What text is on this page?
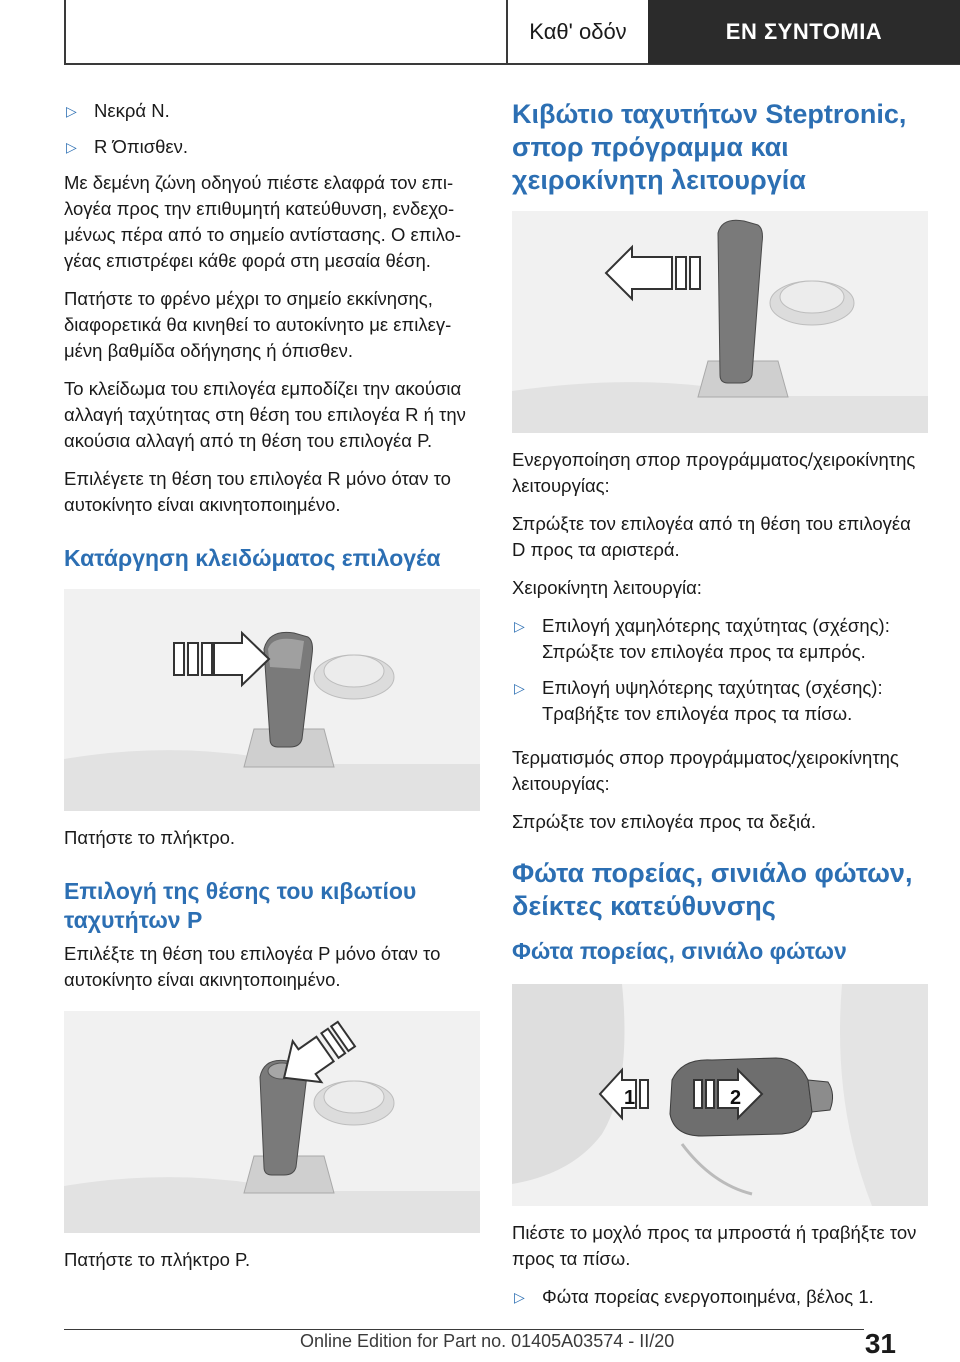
Καθ' οδόν	ΕΝ ΣΥΝΤΟΜΙΑ
▷ Νεκρά N.
▷ R Όπισθεν.

Με δεμένη ζώνη οδηγού πιέστε ελαφρά τον επι-λογέα προς την επιθυμητή κατεύθυνση, ενδεχο-μένως πέρα από το σημείο αντίστασης. Ο επιλο-γέας επιστρέφει κάθε φορά στη μεσαία θέση.

Πατήστε το φρένο μέχρι το σημείο εκκίνησης, διαφορετικά θα κινηθεί το αυτοκίνητο με επιλεγ-μένη βαθμίδα οδήγησης ή όπισθεν.

Το κλείδωμα του επιλογέα εμποδίζει την ακούσια αλλαγή ταχύτητας στη θέση του επιλογέα R ή την ακούσια αλλαγή από τη θέση του επιλογέα P.

Επιλέγετε τη θέση του επιλογέα R μόνο όταν το αυτοκίνητο είναι ακινητοποιημένο.

Κατάργηση κλειδώματος επιλογέα

Πατήστε το πλήκτρο.

Επιλογή της θέσης του κιβωτίου ταχυτήτων P

Επιλέξτε τη θέση του επιλογέα P μόνο όταν το αυτοκίνητο είναι ακινητοποιημένο.

Πατήστε το πλήκτρο P.

Κιβώτιο ταχυτήτων Steptronic, σπορ πρόγραμμα και χειροκίνητη λειτουργία

Ενεργοποίηση σπορ προγράμματος/χειροκίνητης λειτουργίας:

Σπρώξτε τον επιλογέα από τη θέση του επιλογέα D προς τα αριστερά.

Χειροκίνητη λειτουργία:

▷ Επιλογή χαμηλότερης ταχύτητας (σχέσης): Σπρώξτε τον επιλογέα προς τα εμπρός.
▷ Επιλογή υψηλότερης ταχύτητας (σχέσης): Τραβήξτε τον επιλογέα προς τα πίσω.

Τερματισμός σπορ προγράμματος/χειροκίνητης λειτουργίας:

Σπρώξτε τον επιλογέα προς τα δεξιά.

Φώτα πορείας, σινιάλο φώτων, δείκτες κατεύθυνσης
Φώτα πορείας, σινιάλο φώτων
1	2

Πιέστε το μοχλό προς τα μπροστά ή τραβήξτε τον προς τα πίσω.

▷ Φώτα πορείας ενεργοποιημένα, βέλος 1.
31
Online Edition for Part no. 01405A03574 - II/20
